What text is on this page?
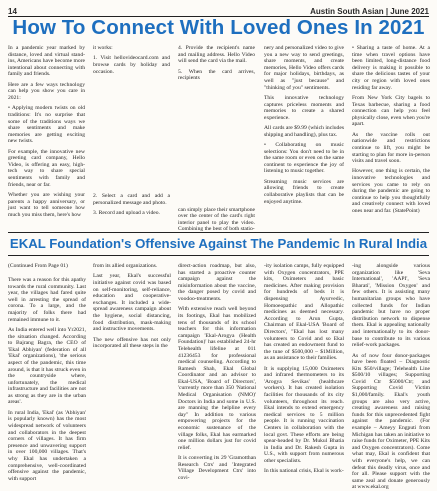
14	Austin South Asian | June 2021
How To Connect With Loved Ones In 2021

In a pandemic year marked by distance, loved and virtual stand-ins, Americans have become more intentional about connecting with family and friends.

Here are a few ways technology can help you show you care in 2021:

• Applying modern twists on old traditions: It's no surprise that some of the traditions ways we share sentiments and make memories are getting exciting new twists.

For example, the innovative new greeting card company, Hello Video, is offering an easy, high-tech way to share special sentiments with family and friends, near or far.

Whether you are wishing your parents a happy anniversary, or just want to tell someone how much you miss them, here's how

it works:

1. Visit hellovideocard.com and browse cards by holiday and occasion.

2. Select a card and add a personalized message and photo.

3. Record and upload a video.

4. Provide the recipient's name and mailing address. Hello Video will send the card via the mail.

5. When the card arrives, recipients

can simply place their smartphone over the center of the card's right interior panel to play the video. Combining the best of both statio-

nery and personalized video to give you a new way to send greetings, share moments, and create memories, Hello Video offers cards for major holidays, birthdays, as well as "just because" and "thinking of you" sentiments.

This innovative technology captures priceless moments and memories to create a shared experience.

All cards are $9.99 (which includes shipping and handling), plus tax.

• Collaborating on music selections: You don't need to be in the same room or even on the same continent to experience the joy of listening to music together.

Streaming music services are allowing friends to create collaborative playlists that can be enjoyed anytime.

• Sharing a taste of home. At a time when travel options have been limited, long-distance food delivery is making it possible to share the delicious tastes of your city or region with loved ones residing far away.

From New York City bagels to Texas barbecue, sharing a food connection can help you feel physically close, even when you're apart.

As the vaccine rolls out nationwide and restrictions continue to lift, you might be starting to plan for more in-person visits and travel soon.

However, one thing is certain, the innovative technologies and services you came to rely on during the pandemic are going to continue to help you thoughtfully and creatively connect with loved ones near and far. (StatePoint)

EKAL Foundation's Offensive Against The Pandemic In Rural India
(Continued From Page 01)

There was a reason for this apathy towards the rural community. Last year, the villages had fared quite well in arresting the spread of corona. To a large, and the majority of folks there had remained immune to it.

As India entered well into Yr2021, the situation changed. According to Bajrang Bagra, the CEO of 'Ekal Abhiyan' (federation of all 'Ekal' organizations), 'the serious aspect of the pandemic, this time around, is that it has struck even in the countryside where, unfortunately, the medical infrastructure and facilities are not as strong as they are in the urban areas'.

In rural India, 'Ekal' (as 'Abhiyan' is popularly known) has the most widespread network of volunteers and collaborators in the deepest corners of villages. It has firm presence and unwavering support in over 100,000 villages. That's why Ekal has undertaken a comprehensive, well-coordinated offensive against the pandemic, with support

from its allied organizations.

Last year, Ekal's successful initiative against covid was based on self-monitoring, self-reliance, education and cooperative-exchanges. It included a wide-spread awareness campaign about the hygiene, social distancing, food distribution, mask-making and instructive movements.

The new offensive has not only incorporated all these steps in the

direct-action roadmap, but also, has started a proactive counter campaign against the misinformation about the vaccine, the danger posed by covid and voodoo-treatments.

With extensive reach well beyond its footings, Ekal has mobilized tens of thousands of its school teachers for this information campaign 'Ekal-Arogya (Health Foundation)' has established 24-hr Telehealth lifeline at 011 41236453 for professional medical counseling. According to Ramesh Shah, Ekal Global Coordinator and an advisor to Ekal-USA, 'Board of Directors', 'currently more than 350 'National Medical Organisation (NMO)' Doctors in India and some in U.S. are manning the helpline every day" In addition to various empowering projects for the economic sustenance of the village folks, Ekal has earmarked one million dollars just for covid relief.

It is converting its 29 'Gramotthan Research Ctrs' and 'Integrated Village Development Ctrs' into covi-

-ity isolation camps, fully equipped with Oxygen concentrators, PPE kits, Oximeters and basic medicines. After making provision for hundreds of beds it is dispensing Ayurvedic, Homoeopathic and Allopathic medicines as deemed necessary. According to Arun Gupta, Chairman of Ekal-USA 'Board of Directors', "Ekal has lost many volunteers to Covid and so Ekal has created an endowment fund to the tune of $500,000 – $1Million, as an assistance to their families.

It is supplying 15,000 Oximeters and infrared thermometers to its 'Arogya Sevikas' (healthcare workers). It has created isolation facilities for thousands of its city volunteers, throughout its reach. Ekal intends to extend emergency medical services to 5 million people. It is running vaccination Centers in collaboration with the local govt. These efforts are being spear-headed by Dr. Mukul Bhatia in India and Dr. Rakesh Gupta in U.S., with support from numerous other specialists.

In this national crisis, Ekal is work-

-ing alongside various organization like 'Seva International', 'AAPI', 'Seva Bharati', 'Mission Oxygen' and few others. It is assisting many humanitarian groups who have collected funds for Indian pandemic but have no proper distribution network to dispense them. Ekal is appealing nationally and internationally to its donor-base to contribute to its various relief-work packages.

As of now four donor-packages have been floated – Diagnostic Kits $50/village; Telehealth Line $500/10 villages; Supporting Covid Ctr $5000/Ctr; and Supporting Covid Victim $1,000/family. Ekal's youth groups are also very active, creating awareness and raising funds for this unprecedented fight against the pandemic. (For example – Ameyy Engputi from Michigan has taken an initiative to raise funds for Oximeter, PPE Kits and Oxygen concentrators). Come what may, Ekal is confident that with everyone's help, we can defeat this deadly virus, once and for all. Please support with the same zeal and donate generously at www.ekal.org
